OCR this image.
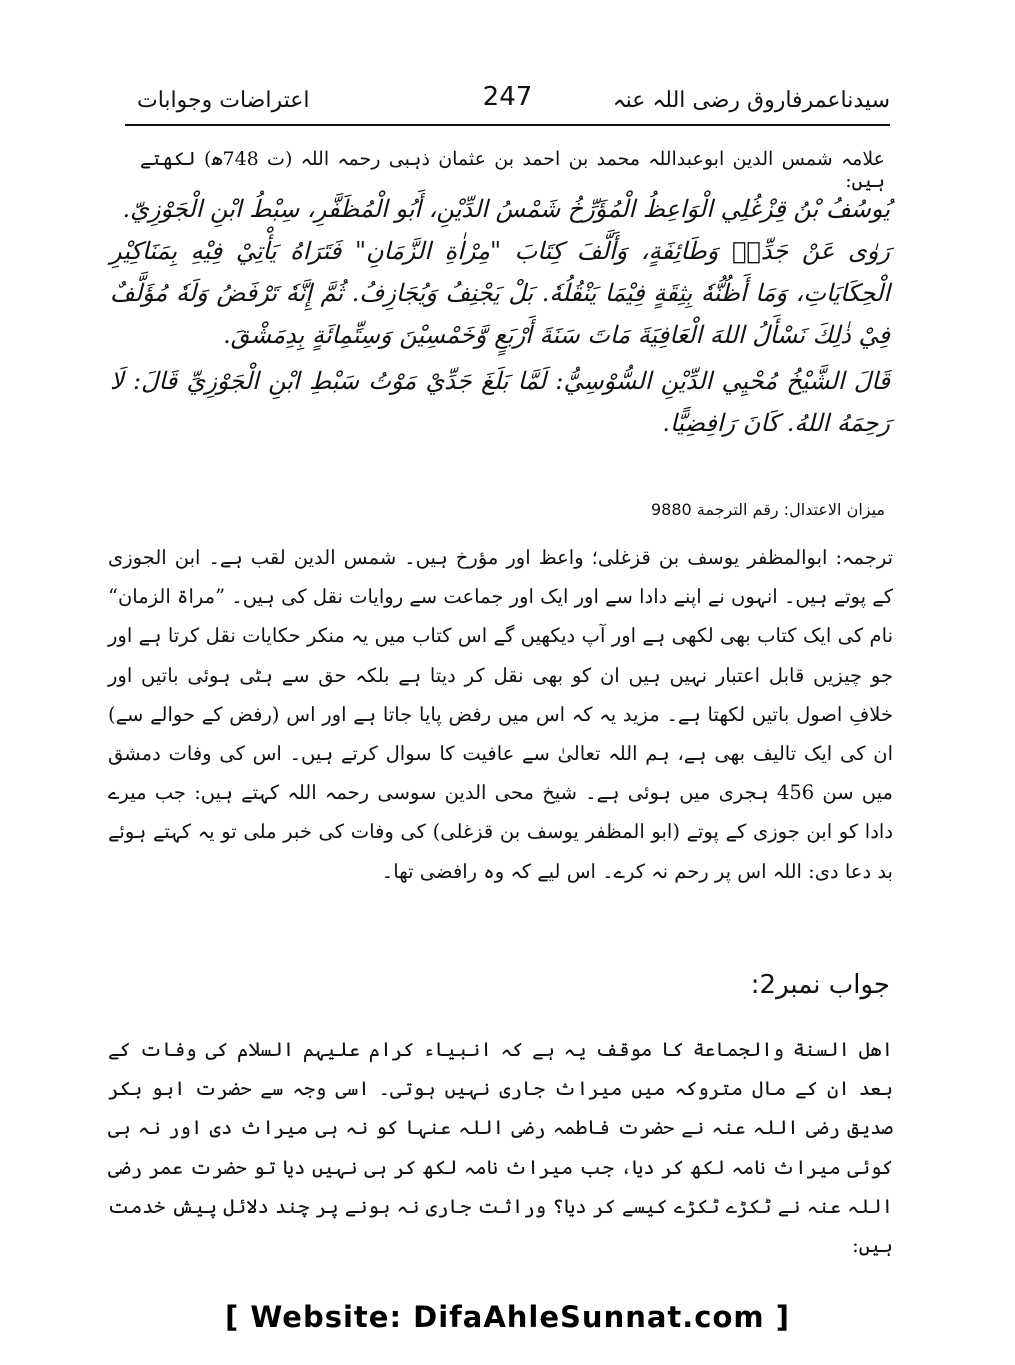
اعتراضات وجوابات	247	سیدناعمرفاروق رضی اللہ عنہ
علامہ شمس الدین ابوعبداللہ محمد بن احمد بن عثمان ذہبی رحمہ اللہ (ت 748ھ) لکھتے ہیں:

يُوسُفُ بْنُ قِزْغُلِي الْوَاعِظُ الْمُؤَرِّخُ شَمْسُ الدِّيْنِ، أَبُو الْمُظَفَّرِ، سِبْطُ ابْنِ الْجَوْزِيّ.

رَوٰى عَنْ جَدِّهٖ وَطَائِفَةٍ، وَأَلَّفَ كِتَابَ "مِرْاٰةِ الزَّمَانِ" فَتَرَاهُ يَأْتِيْ فِيْهِ بِمَنَاكِيْرِ الْحِكَايَاتِ، وَمَا أَظُنُّهٗ بِثِقَةٍ فِيْمَا يَنْقُلُهٗ. بَلْ يَجْنِفُ وَيُجَازِفُ. ثُمَّ إِنَّهٗ تَرْفَضُ وَلَهٗ مُؤَلَّفٌ فِيْ ذٰلِكَ نَسْأَلُ اللهَ الْعَافِيَةَ مَاتَ سَنَةَ أَرْبَعٍ وَّخَمْسِيْنَ وَسِتِّمِائَةٍ بِدِمَشْقَ.

قَالَ الشَّيْخُ مُحْيِي الدِّيْنِ السُّوْسِيُّ: لَمَّا بَلَغَ جَدِّيْ مَوْتُ سَبْطِ ابْنِ الْجَوْزِيِّ قَالَ: لَا رَحِمَهُ اللهُ. كَانَ رَافِضِيًّا.

میزان الاعتدال: رقم الترجمة 9880
ترجمہ: ابوالمظفر یوسف بن قزغلی؛ واعظ اور مؤرخ ہیں۔ شمس الدین لقب ہے۔ ابن الجوزی کے پوتے ہیں۔ انہوں نے اپنے دادا سے اور ایک اور جماعت سے روایات نقل کی ہیں۔ ”مراۃ الزمان“ نام کی ایک کتاب بھی لکھی ہے اور آپ دیکھیں گے اس کتاب میں یہ منکر حکایات نقل کرتا ہے اور جو چیزیں قابل اعتبار نہیں ہیں ان کو بھی نقل کر دیتا ہے بلکہ حق سے ہٹی ہوئی باتیں اور خلافِ اصول باتیں لکھتا ہے۔ مزید یہ کہ اس میں رفض پایا جاتا ہے اور اس (رفض کے حوالے سے) ان کی ایک تالیف بھی ہے، ہم اللہ تعالیٰ سے عافیت کا سوال کرتے ہیں۔ اس کی وفات دمشق میں سن 456 ہجری میں ہوئی ہے۔ شیخ محی الدین سوسی رحمہ اللہ کہتے ہیں: جب میرے دادا کو ابن جوزی کے پوتے (ابو المظفر یوسف بن قزغلی) کی وفات کی خبر ملی تو یہ کہتے ہوئے بد دعا دی: اللہ اس پر رحم نہ کرے۔ اس لیے کہ وہ رافضی تھا۔
جواب نمبر2:
اھل السنة والجماعة کا موقف یہ ہے کہ انبیاء کرام علیہم السلام کی وفات کے بعد ان کے مال متروکہ میں میراث جاری نہیں ہوتی۔ اسی وجہ سے حضرت ابو بکر صدیق رضی اللہ عنہ نے حضرت فاطمہ رضی اللہ عنہا کو نہ ہی میراث دی اور نہ ہی کوئی میراث نامہ لکھ کر دیا، جب میراث نامہ لکھ کر ہی نہیں دیا تو حضرت عمر رضی اللہ عنہ نے ٹکڑے ٹکڑے کیسے کر دیا؟ وراثت جاری نہ ہونے پر چند دلائل پیش خدمت ہیں:
[ Website: DifaAhleSunnat.com ]
